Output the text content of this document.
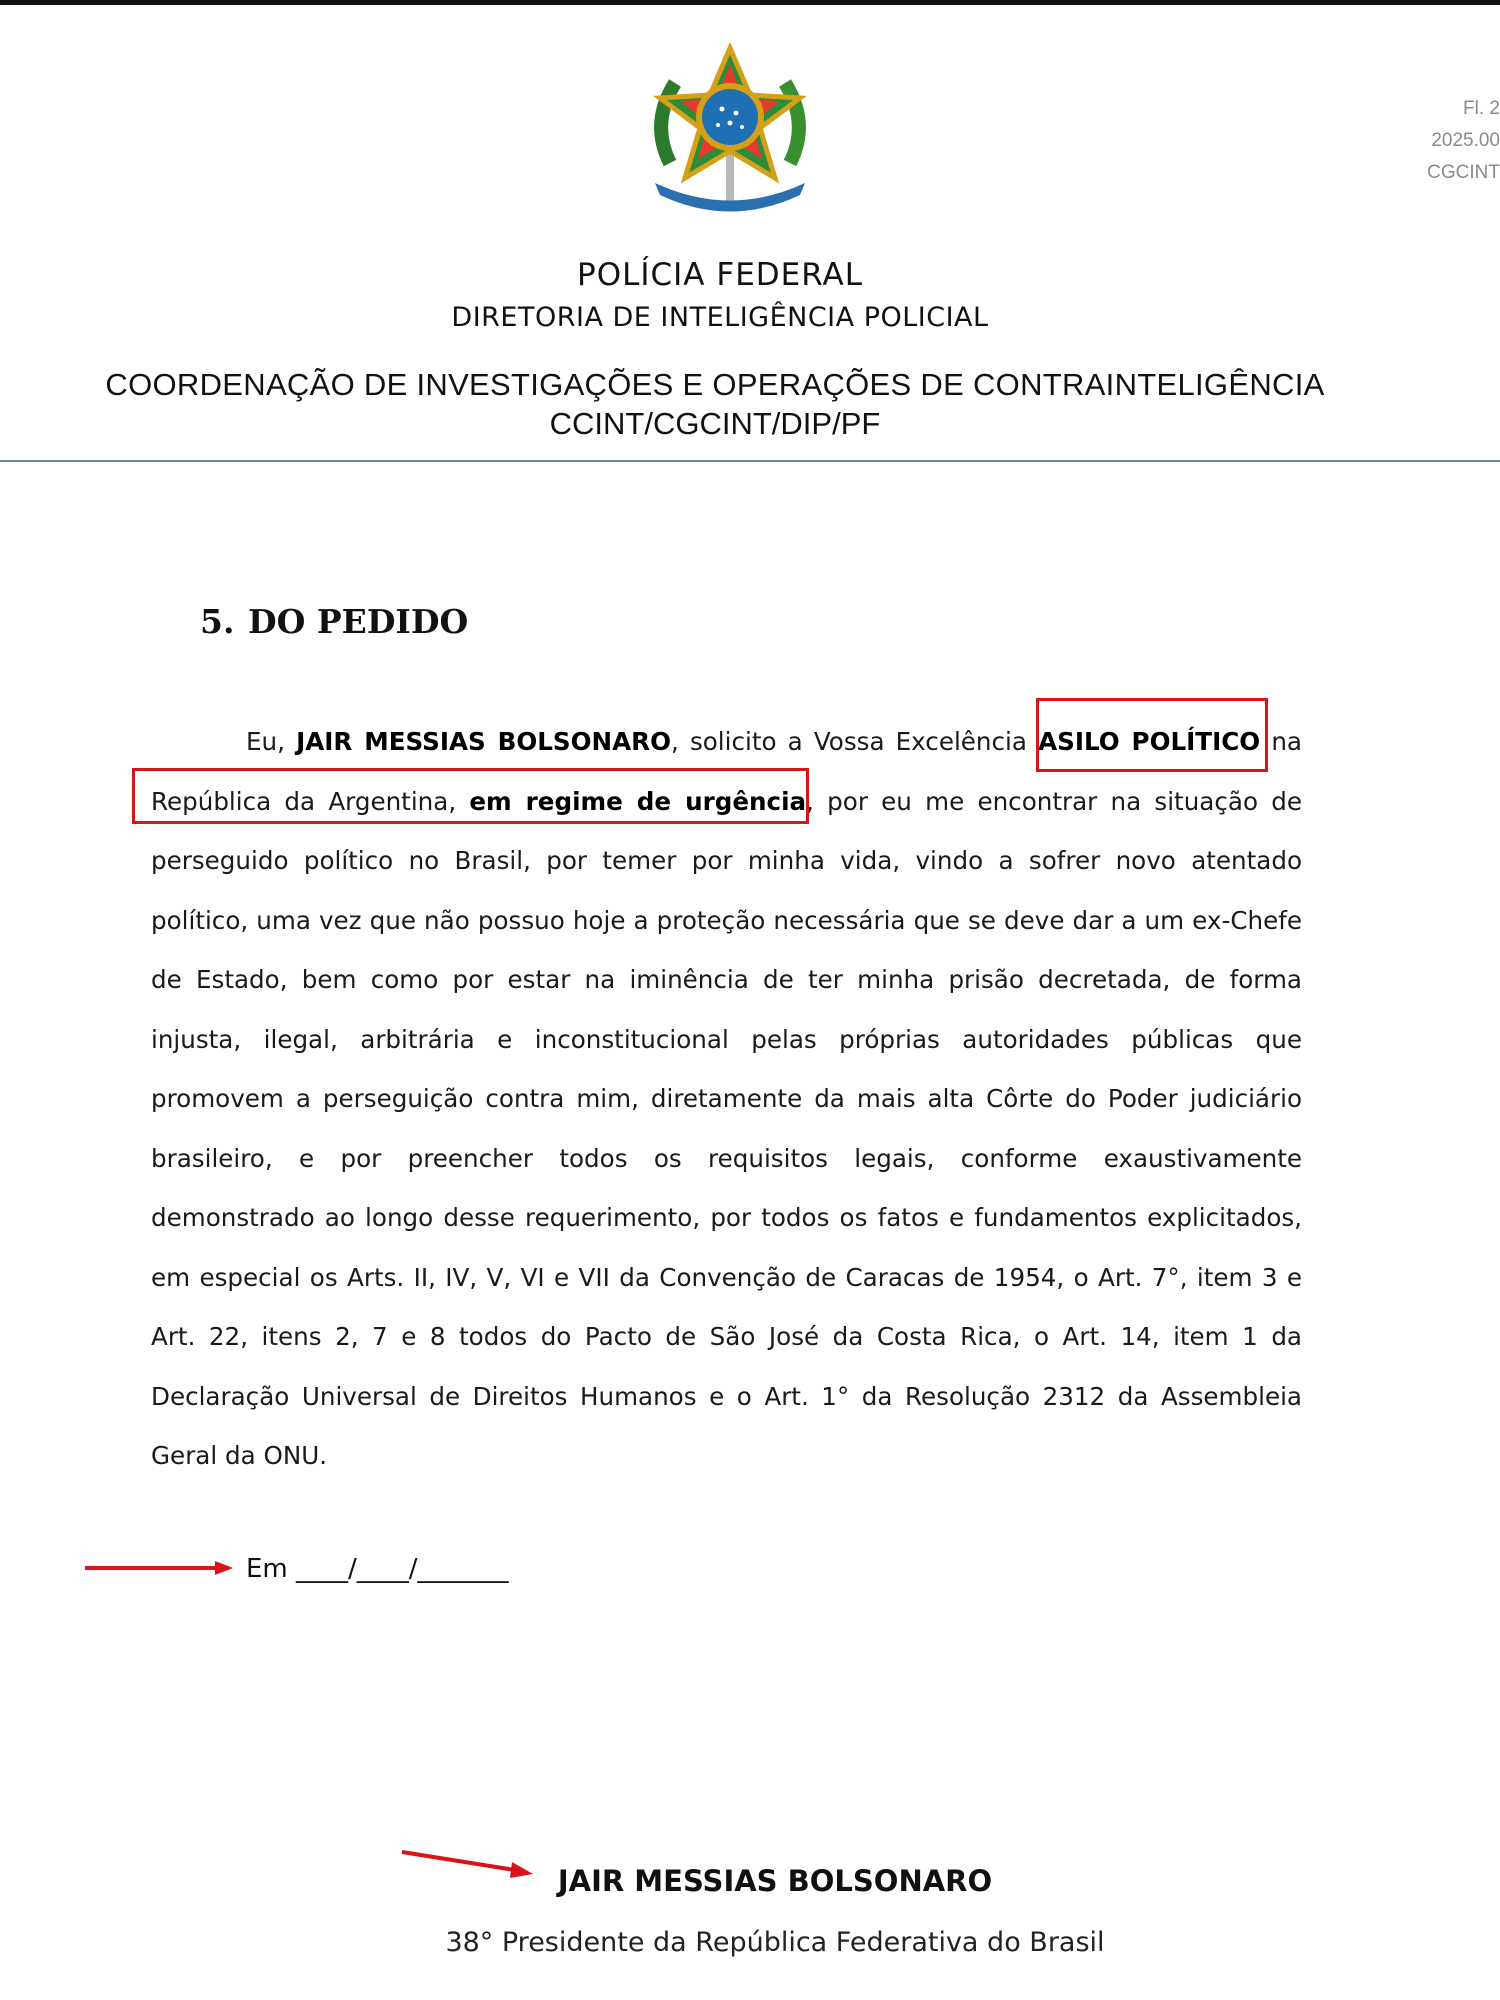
Fl. 2
2025.00
CGCINT
POLÍCIA FEDERAL
DIRETORIA DE INTELIGÊNCIA POLICIAL
COORDENAÇÃO DE INVESTIGAÇÕES E OPERAÇÕES DE CONTRAINTELIGÊNCIA
CCINT/CGCINT/DIP/PF
5. DO PEDIDO
Eu, JAIR MESSIAS BOLSONARO, solicito a Vossa Excelência ASILO POLÍTICO na República da Argentina, em regime de urgência, por eu me encontrar na situação de perseguido político no Brasil, por temer por minha vida, vindo a sofrer novo atentado político, uma vez que não possuo hoje a proteção necessária que se deve dar a um ex-Chefe de Estado, bem como por estar na iminência de ter minha prisão decretada, de forma injusta, ilegal, arbitrária e inconstitucional pelas próprias autoridades públicas que promovem a perseguição contra mim, diretamente da mais alta Côrte do Poder judiciário brasileiro, e por preencher todos os requisitos legais, conforme exaustivamente demonstrado ao longo desse requerimento, por todos os fatos e fundamentos explicitados, em especial os Arts. II, IV, V, VI e VII da Convenção de Caracas de 1954, o Art. 7°, item 3 e Art. 22, itens 2, 7 e 8 todos do Pacto de São José da Costa Rica, o Art. 14, item 1 da Declaração Universal de Direitos Humanos e o Art. 1° da Resolução 2312 da Assembleia Geral da ONU.
Em ____/____/_______
JAIR MESSIAS BOLSONARO
38° Presidente da República Federativa do Brasil
